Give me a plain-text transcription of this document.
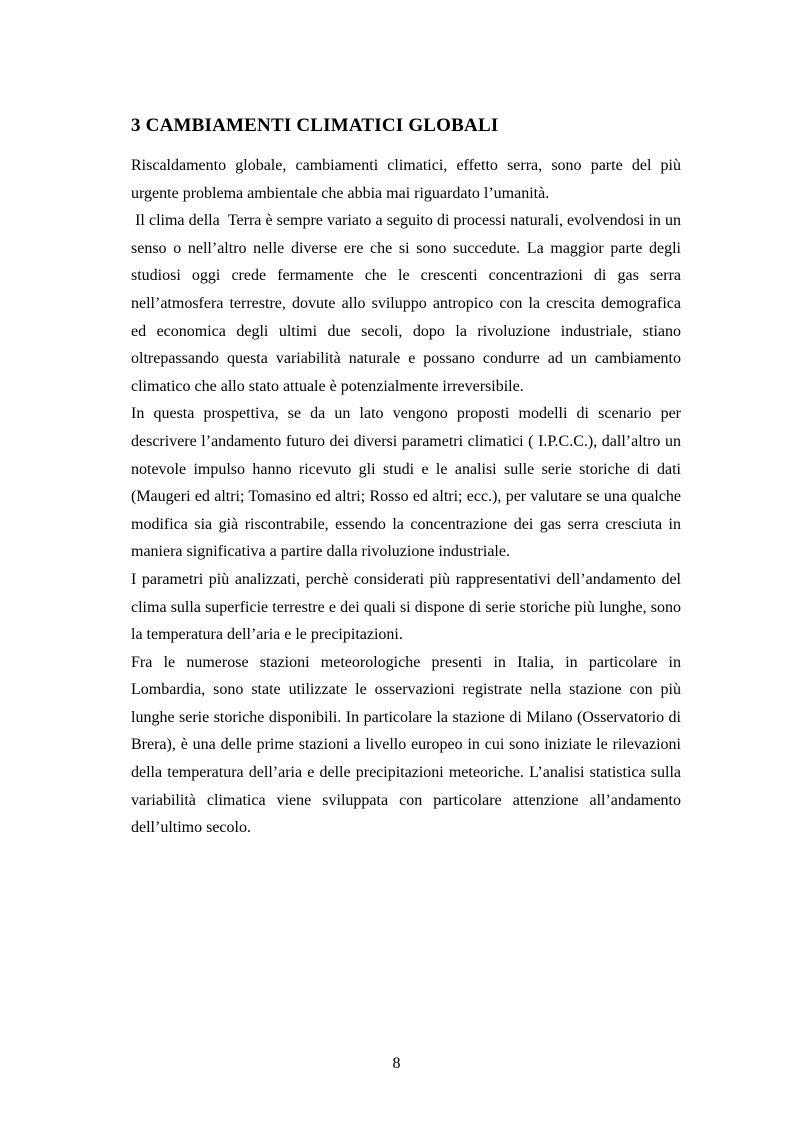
3 CAMBIAMENTI CLIMATICI GLOBALI

Riscaldamento globale, cambiamenti climatici, effetto serra, sono parte del più urgente problema ambientale che abbia mai riguardato l’umanità.

Il clima della  Terra è sempre variato a seguito di processi naturali, evolvendosi in un senso o nell’altro nelle diverse ere che si sono succedute. La maggior parte degli studiosi oggi crede fermamente che le crescenti concentrazioni di gas serra nell’atmosfera terrestre, dovute allo sviluppo antropico con la crescita demografica ed economica degli ultimi due secoli, dopo la rivoluzione industriale, stiano oltrepassando questa variabilità naturale e possano condurre ad un cambiamento climatico che allo stato attuale è potenzialmente irreversibile.

In questa prospettiva, se da un lato vengono proposti modelli di scenario per descrivere l’andamento futuro dei diversi parametri climatici ( I.P.C.C.), dall’altro un notevole impulso hanno ricevuto gli studi e le analisi sulle serie storiche di dati (Maugeri ed altri; Tomasino ed altri; Rosso ed altri; ecc.), per valutare se una qualche modifica sia già riscontrabile, essendo la concentrazione dei gas serra cresciuta in maniera significativa a partire dalla rivoluzione industriale.

I parametri più analizzati, perchè considerati più rappresentativi dell’andamento del clima sulla superficie terrestre e dei quali si dispone di serie storiche più lunghe, sono la temperatura dell’aria e le precipitazioni.

Fra le numerose stazioni meteorologiche presenti in Italia, in particolare in Lombardia, sono state utilizzate le osservazioni registrate nella stazione con più lunghe serie storiche disponibili. In particolare la stazione di Milano (Osservatorio di Brera), è una delle prime stazioni a livello europeo in cui sono iniziate le rilevazioni della temperatura dell’aria e delle precipitazioni meteoriche. L’analisi statistica sulla variabilità climatica viene sviluppata con particolare attenzione all’andamento dell’ultimo secolo.

8
